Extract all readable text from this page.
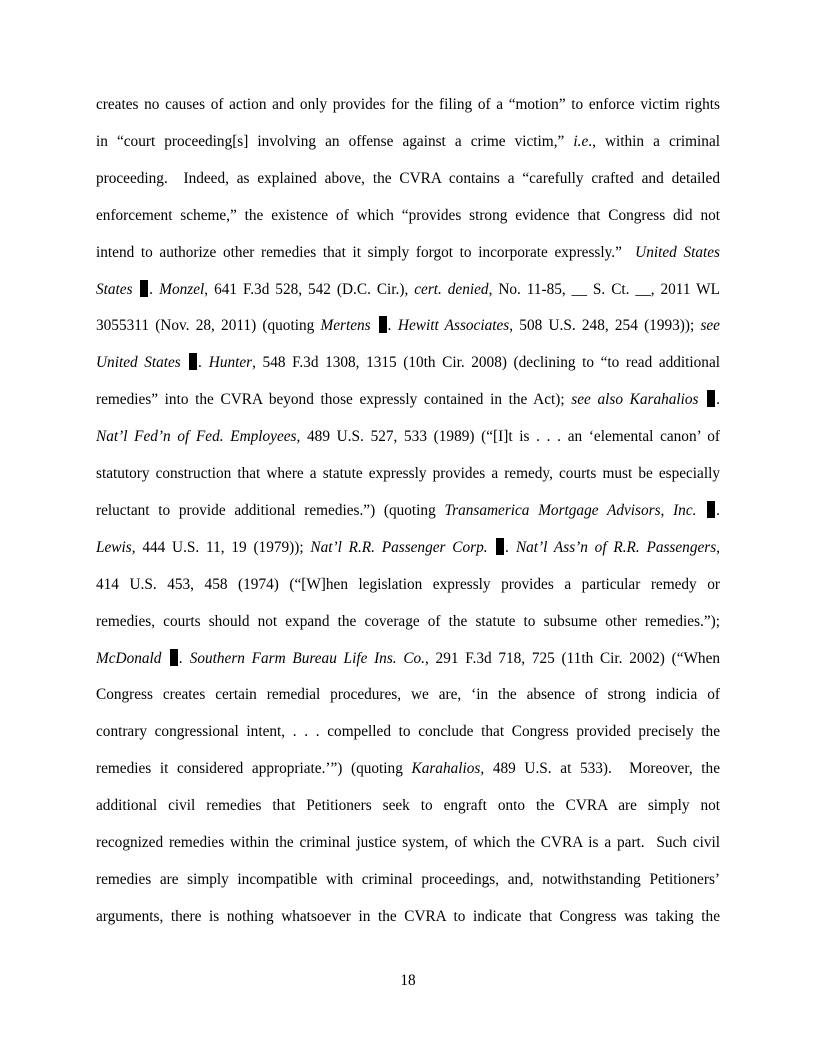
creates no causes of action and only provides for the filing of a “motion” to enforce victim rights
in “court proceeding[s] involving an offense against a crime victim,” i.e., within a criminal
proceeding.  Indeed, as explained above, the CVRA contains a “carefully crafted and detailed
enforcement scheme,” the existence of which “provides strong evidence that Congress did not
intend to authorize other remedies that it simply forgot to incorporate expressly.”  United States
States . Monzel, 641 F.3d 528, 542 (D.C. Cir.), cert. denied, No. 11-85, __ S. Ct. __, 2011 WL
3055311 (Nov. 28, 2011) (quoting Mertens . Hewitt Associates, 508 U.S. 248, 254 (1993)); see
United States . Hunter, 548 F.3d 1308, 1315 (10th Cir. 2008) (declining to “to read additional
remedies” into the CVRA beyond those expressly contained in the Act); see also Karahalios .
Nat’l Fed’n of Fed. Employees, 489 U.S. 527, 533 (1989) (“[I]t is . . . an ‘elemental canon’ of
statutory construction that where a statute expressly provides a remedy, courts must be especially
reluctant to provide additional remedies.”) (quoting Transamerica Mortgage Advisors, Inc. .
Lewis, 444 U.S. 11, 19 (1979)); Nat’l R.R. Passenger Corp. . Nat’l Ass’n of R.R. Passengers,
414 U.S. 453, 458 (1974) (“[W]hen legislation expressly provides a particular remedy or
remedies, courts should not expand the coverage of the statute to subsume other remedies.”);
McDonald . Southern Farm Bureau Life Ins. Co., 291 F.3d 718, 725 (11th Cir. 2002) (“When
Congress creates certain remedial procedures, we are, ‘in the absence of strong indicia of
contrary congressional intent, . . . compelled to conclude that Congress provided precisely the
remedies it considered appropriate.’”) (quoting Karahalios, 489 U.S. at 533).  Moreover, the
additional civil remedies that Petitioners seek to engraft onto the CVRA are simply not
recognized remedies within the criminal justice system, of which the CVRA is a part.  Such civil
remedies are simply incompatible with criminal proceedings, and, notwithstanding Petitioners’
arguments, there is nothing whatsoever in the CVRA to indicate that Congress was taking the
18
